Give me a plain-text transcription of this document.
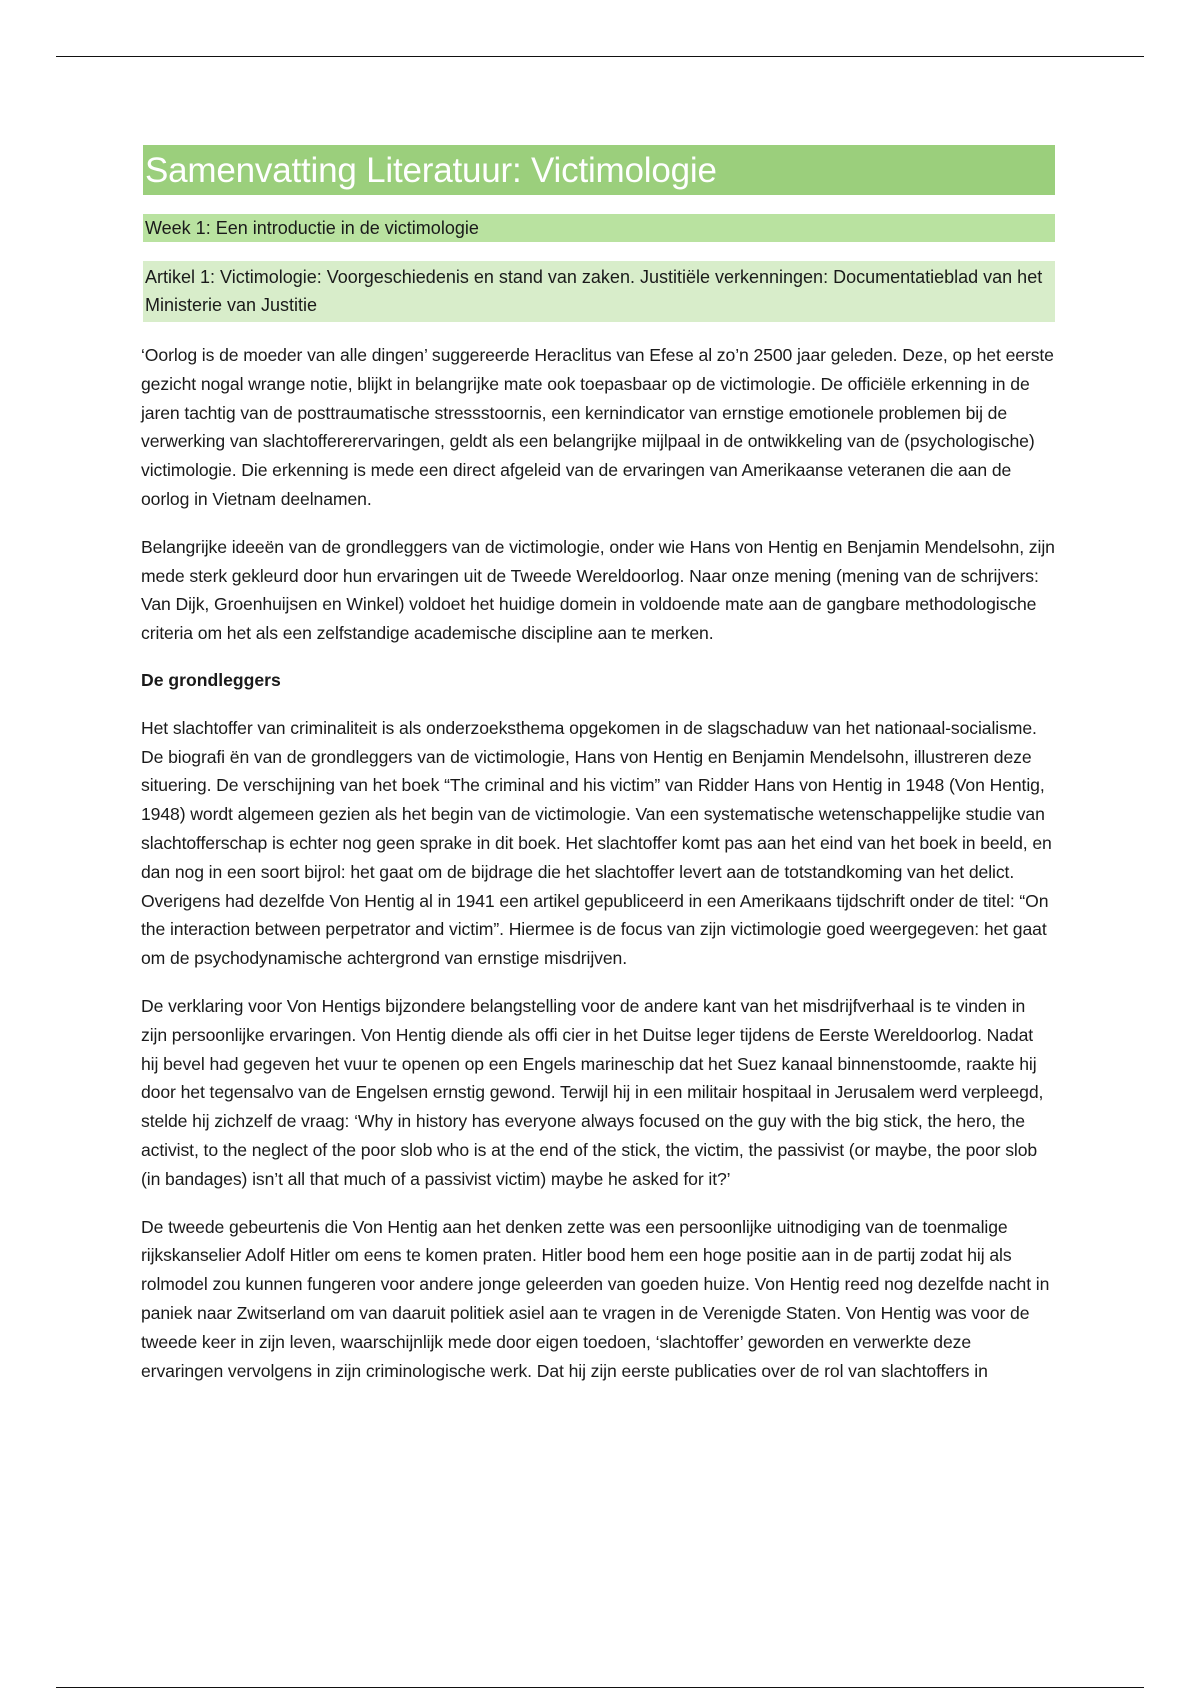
Samenvatting Literatuur: Victimologie
Week 1: Een introductie in de victimologie
Artikel 1: Victimologie: Voorgeschiedenis en stand van zaken. Justitiële verkenningen: Documentatieblad van het Ministerie van Justitie

‘Oorlog is de moeder van alle dingen’ suggereerde Heraclitus van Efese al zo’n 2500 jaar geleden. Deze, op het eerste gezicht nogal wrange notie, blijkt in belangrijke mate ook toepasbaar op de victimologie. De officiële erkenning in de jaren tachtig van de posttraumatische stressstoornis, een kernindicator van ernstige emotionele problemen bij de verwerking van slachtoffererervaringen, geldt als een belangrijke mijlpaal in de ontwikkeling van de (psychologische) victimologie. Die erkenning is mede een direct afgeleid van de ervaringen van Amerikaanse veteranen die aan de oorlog in Vietnam deelnamen.

Belangrijke ideeën van de grondleggers van de victimologie, onder wie Hans von Hentig en Benjamin Mendelsohn, zijn mede sterk gekleurd door hun ervaringen uit de Tweede Wereldoorlog. Naar onze mening (mening van de schrijvers: Van Dijk, Groenhuijsen en Winkel) voldoet het huidige domein in voldoende mate aan de gangbare methodologische criteria om het als een zelfstandige academische discipline aan te merken.

De grondleggers

Het slachtoffer van criminaliteit is als onderzoeksthema opgekomen in de slagschaduw van het nationaal-socialisme. De biografi ën van de grondleggers van de victimologie, Hans von Hentig en Benjamin Mendelsohn, illustreren deze situering. De verschijning van het boek “The criminal and his victim” van Ridder Hans von Hentig in 1948 (Von Hentig, 1948) wordt algemeen gezien als het begin van de victimologie. Van een systematische wetenschappelijke studie van slachtofferschap is echter nog geen sprake in dit boek. Het slachtoffer komt pas aan het eind van het boek in beeld, en dan nog in een soort bijrol: het gaat om de bijdrage die het slachtoffer levert aan de totstandkoming van het delict. Overigens had dezelfde Von Hentig al in 1941 een artikel gepubliceerd in een Amerikaans tijdschrift onder de titel: “On the interaction between perpetrator and victim”. Hiermee is de focus van zijn victimologie goed weergegeven: het gaat om de psychodynamische achtergrond van ernstige misdrijven.

De verklaring voor Von Hentigs bijzondere belangstelling voor de andere kant van het misdrijfverhaal is te vinden in zijn persoonlijke ervaringen. Von Hentig diende als offi cier in het Duitse leger tijdens de Eerste Wereldoorlog. Nadat hij bevel had gegeven het vuur te openen op een Engels marineschip dat het Suez kanaal binnenstoomde, raakte hij door het tegensalvo van de Engelsen ernstig gewond. Terwijl hij in een militair hospitaal in Jerusalem werd verpleegd, stelde hij zichzelf de vraag: ‘Why in history has everyone always focused on the guy with the big stick, the hero, the activist, to the neglect of the poor slob who is at the end of the stick, the victim, the passivist (or maybe, the poor slob (in bandages) isn’t all that much of a passivist victim) maybe he asked for it?’

De tweede gebeurtenis die Von Hentig aan het denken zette was een persoonlijke uitnodiging van de toenmalige rijkskanselier Adolf Hitler om eens te komen praten. Hitler bood hem een hoge positie aan in de partij zodat hij als rolmodel zou kunnen fungeren voor andere jonge geleerden van goeden huize. Von Hentig reed nog dezelfde nacht in paniek naar Zwitserland om van daaruit politiek asiel aan te vragen in de Verenigde Staten. Von Hentig was voor de tweede keer in zijn leven, waarschijnlijk mede door eigen toedoen, ‘slachtoffer’ geworden en verwerkte deze ervaringen vervolgens in zijn criminologische werk. Dat hij zijn eerste publicaties over de rol van slachtoffers in
